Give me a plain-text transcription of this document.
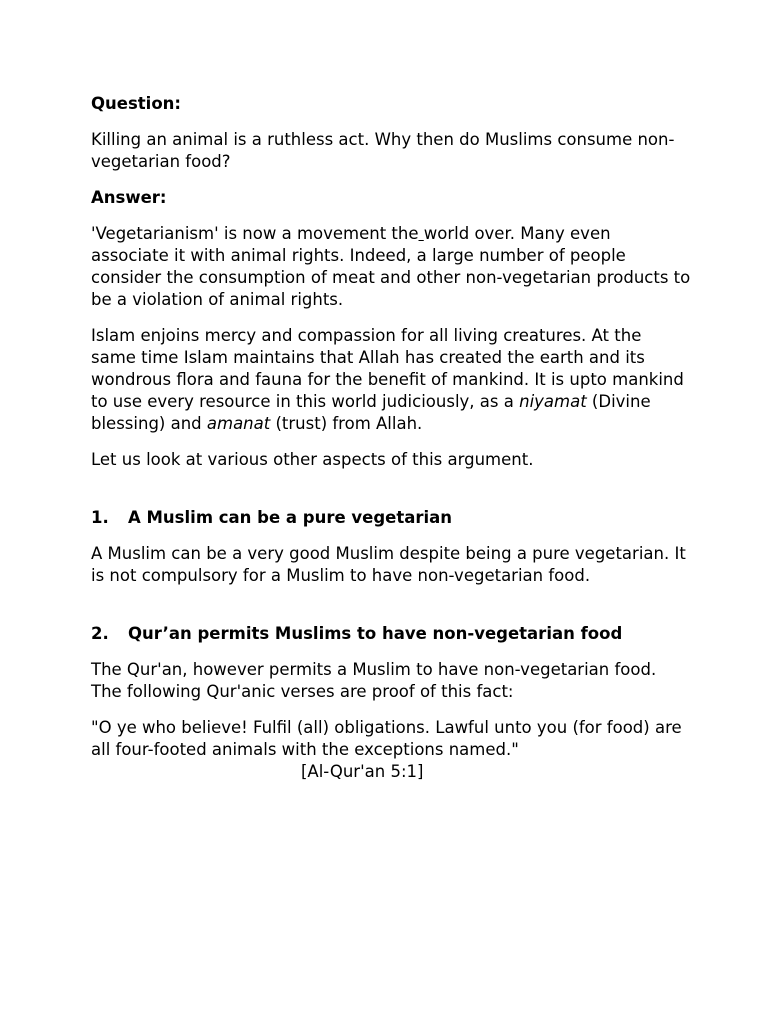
Question:

Killing an animal is a ruthless act. Why then do Muslims consume non-vegetarian food?

Answer:

'Vegetarianism' is now a movement the world over. Many even associate it with animal rights. Indeed, a large number of people consider the consumption of meat and other non-vegetarian products to be a violation of animal rights.

Islam enjoins mercy and compassion for all living creatures. At the same time Islam maintains that Allah has created the earth and its wondrous flora and fauna for the benefit of mankind. It is upto mankind to use every resource in this world judiciously, as a niyamat (Divine blessing) and amanat (trust) from Allah.

Let us look at various other aspects of this argument.

1.	A Muslim can be a pure vegetarian

A Muslim can be a very good Muslim despite being a pure vegetarian. It is not compulsory for a Muslim to have non-vegetarian food.

2.	Qur’an permits Muslims to have non-vegetarian food

The Qur'an, however permits a Muslim to have non-vegetarian food. The following Qur'anic verses are proof of this fact:

"O ye who believe! Fulfil (all) obligations. Lawful unto you (for food) are all four-footed animals with the exceptions named."

[Al-Qur'an 5:1]
